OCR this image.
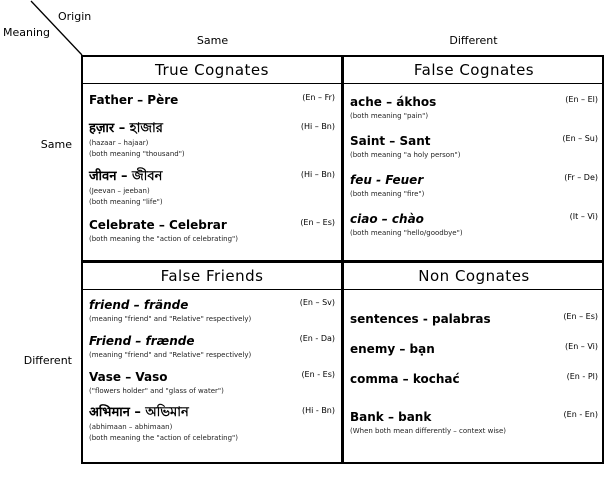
Origin
Meaning
Same	Different
Same
Different
True Cognates
Father – Père	(En – Fr)
हज़ार – হাজার	(Hi – Bn)
(hazaar – hajaar)
(both meaning "thousand")
जीवन – জীবন	(Hi – Bn)
(Jeevan – jeeban)
(both meaning "life")
Celebrate – Celebrar	(En – Es)
(both meaning the "action of celebrating")
False Cognates
ache – ákhos	(En – El)
(both meaning "pain")
Saint – Sant	(En – Su)
(both meaning "a holy person")
feu - Feuer	(Fr – De)
(both meaning "fire")
ciao – chào	(It – Vi)
(both meaning "hello/goodbye")
False Friends
friend – frände	(En – Sv)
(meaning "friend" and "Relative" respectively)
Friend – frænde	(En - Da)
(meaning "friend" and "Relative" respectively)
Vase – Vaso	(En - Es)
("flowers holder" and "glass of water")
अभिमान – অভিমান	(Hi - Bn)
(abhimaan – abhimaan)
(both meaning the "action of celebrating")
Non Cognates
sentences - palabras	(En – Es)
enemy – bạn	(En – Vi)
comma – kochać	(En - Pl)
Bank – bank	(En - En)
(When both mean differently – context wise)
